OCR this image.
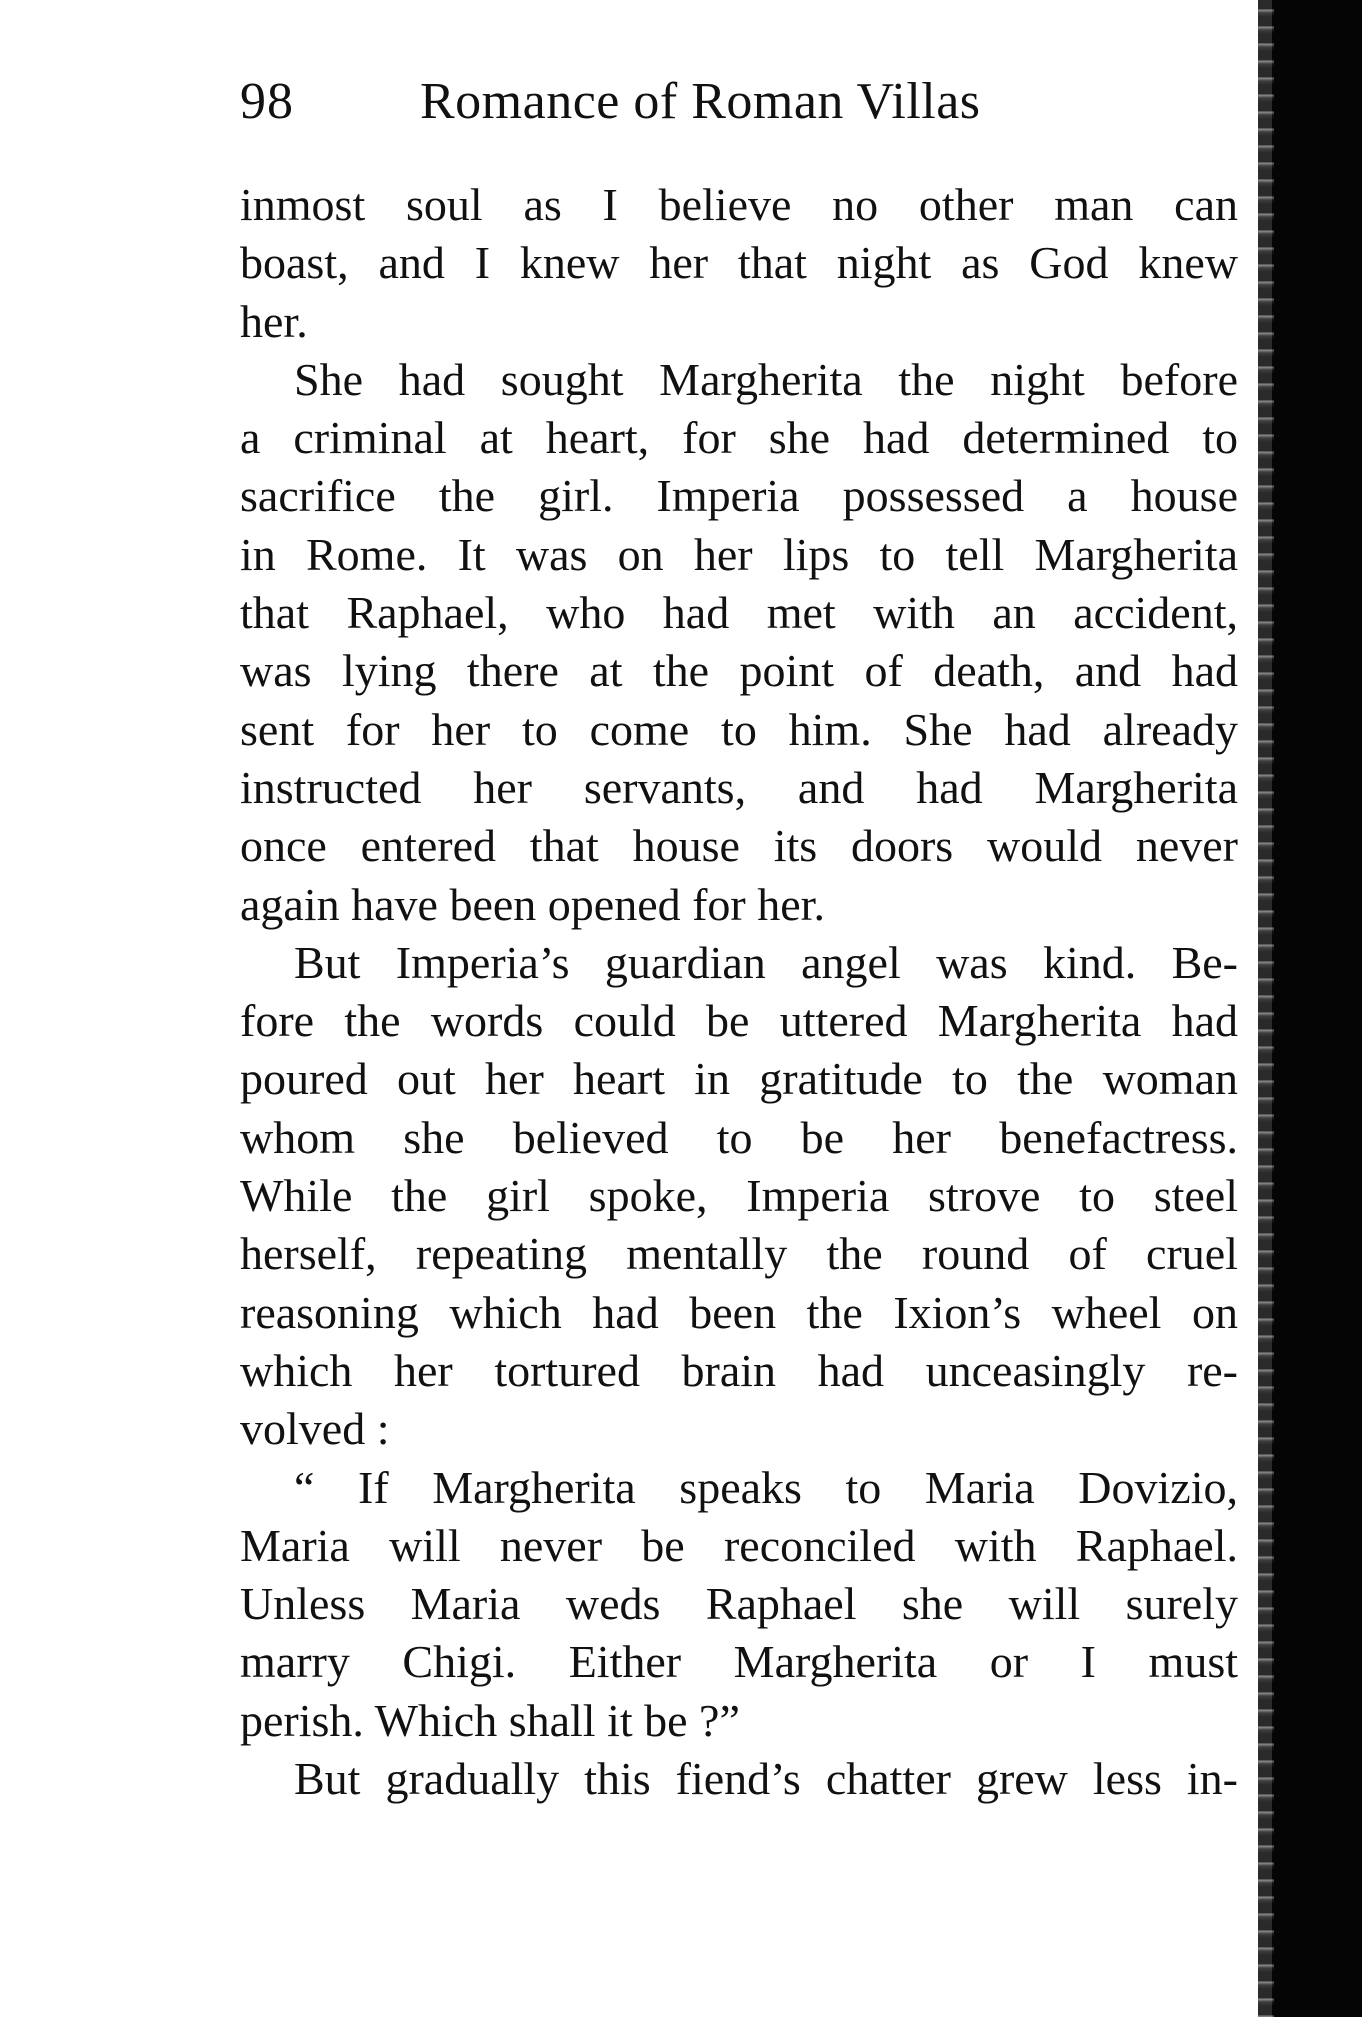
98 Romance of Roman Villas
inmost soul as I believe no other man can
boast, and I knew her that night as God knew
her.
She had sought Margherita the night before
a criminal at heart, for she had determined to
sacrifice the girl. Imperia possessed a house
in Rome. It was on her lips to tell Margherita
that Raphael, who had met with an accident,
was lying there at the point of death, and had
sent for her to come to him. She had already
instructed her servants, and had Margherita
once entered that house its doors would never
again have been opened for her.
But Imperia’s guardian angel was kind. Be-
fore the words could be uttered Margherita had
poured out her heart in gratitude to the woman
whom she believed to be her benefactress.
While the girl spoke, Imperia strove to steel
herself, repeating mentally the round of cruel
reasoning which had been the Ixion’s wheel on
which her tortured brain had unceasingly re-
volved :
“ If Margherita speaks to Maria Dovizio,
Maria will never be reconciled with Raphael.
Unless Maria weds Raphael she will surely
marry Chigi. Either Margherita or I must
perish. Which shall it be ?”
But gradually this fiend’s chatter grew less in-
